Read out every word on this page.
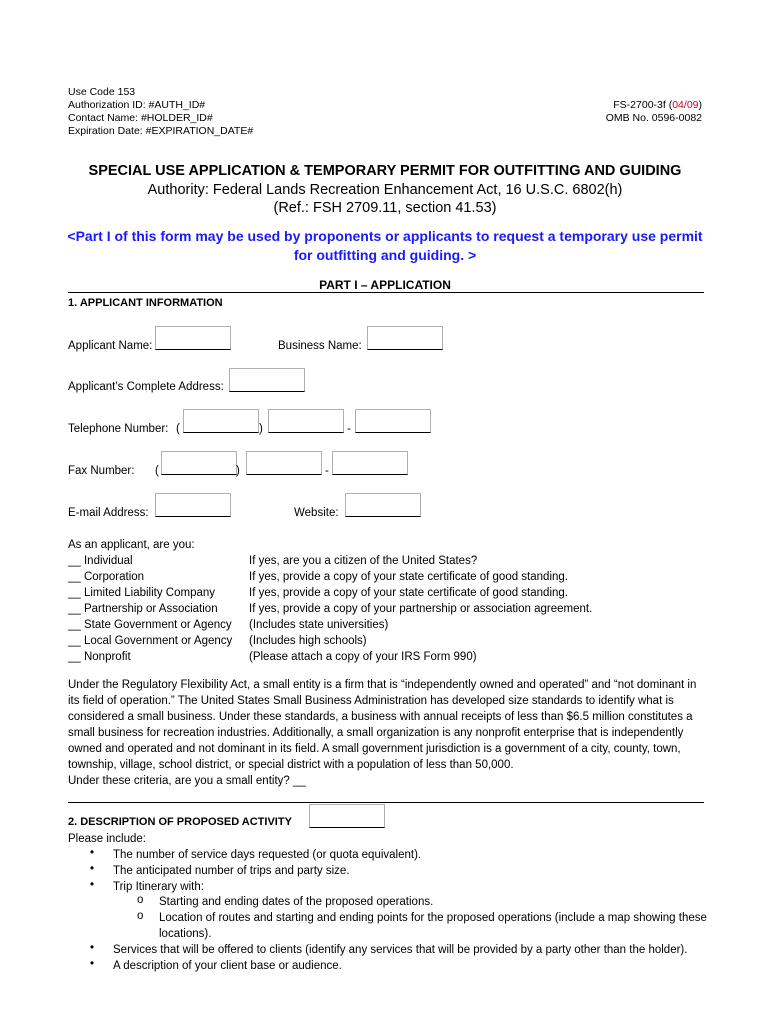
Use Code 153
Authorization ID: #AUTH_ID#
Contact Name: #HOLDER_ID#
Expiration Date: #EXPIRATION_DATE#
FS-2700-3f (04/09)
OMB No. 0596-0082
SPECIAL USE APPLICATION & TEMPORARY PERMIT FOR OUTFITTING AND GUIDING
Authority: Federal Lands Recreation Enhancement Act, 16 U.S.C. 6802(h)
(Ref.: FSH 2709.11, section 41.53)
<Part I of this form may be used by proponents or applicants to request a temporary use permit
for outfitting and guiding. >
PART I – APPLICATION
1. APPLICANT INFORMATION
Applicant Name:	Business Name:
Applicant’s Complete Address:
Telephone Number: (	)	-
Fax Number: (	)	-
E-mail Address:	Website:
As an applicant, are you:
__ Individual	If yes, are you a citizen of the United States?
__ Corporation	If yes, provide a copy of your state certificate of good standing.
__ Limited Liability Company	If yes, provide a copy of your state certificate of good standing.
__ Partnership or Association	If yes, provide a copy of your partnership or association agreement.
__ State Government or Agency (Includes state universities)
__ Local Government or Agency (Includes high schools)
__ Nonprofit	(Please attach a copy of your IRS Form 990)
Under the Regulatory Flexibility Act, a small entity is a firm that is “independently owned and operated” and “not dominant in its field of operation.” The United States Small Business Administration has developed size standards to identify what is considered a small business. Under these standards, a business with annual receipts of less than $6.5 million constitutes a small business for recreation industries. Additionally, a small organization is any nonprofit enterprise that is independently owned and operated and not dominant in its field. A small government jurisdiction is a government of a city, county, town, township, village, school district, or special district with a population of less than 50,000.
Under these criteria, are you a small entity? __
2. DESCRIPTION OF PROPOSED ACTIVITY
Please include:
• The number of service days requested (or quota equivalent).
• The anticipated number of trips and party size.
• Trip Itinerary with:
o Starting and ending dates of the proposed operations.
o Location of routes and starting and ending points for the proposed operations (include a map showing these
locations).
• Services that will be offered to clients (identify any services that will be provided by a party other than the holder).
• A description of your client base or audience.
